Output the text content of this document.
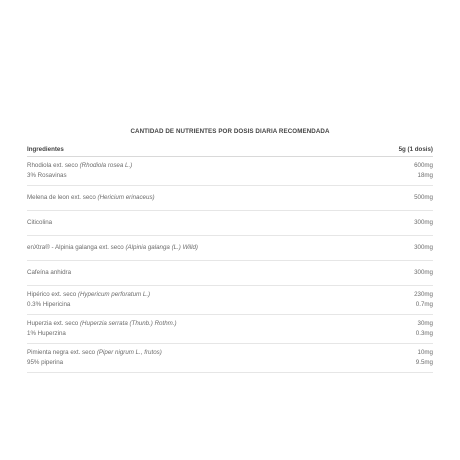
CANTIDAD DE NUTRIENTES POR DOSIS DIARIA RECOMENDADA
Ingredientes	5g (1 dosis)
Rhodiola ext. seco (Rhodiola rosea L.)	600mg
3% Rosavinas	18mg
Melena de leon ext. seco (Hericium erinaceus)	500mg
Citicolina	300mg
enXtra® - Alpinia galanga ext. seco (Alpinia galanga (L.) Willd)	300mg
Cafeína anhidra	300mg
Hipérico ext. seco (Hypericum perforatum L.)	230mg
0.3% Hipericina	0.7mg
Huperzia ext. seco (Huperzia serrata (Thunb.) Rothm.)	30mg
1% Huperzina	0.3mg
Pimienta negra ext. seco (Piper nigrum L., frutos)	10mg
95% piperina	9.5mg
